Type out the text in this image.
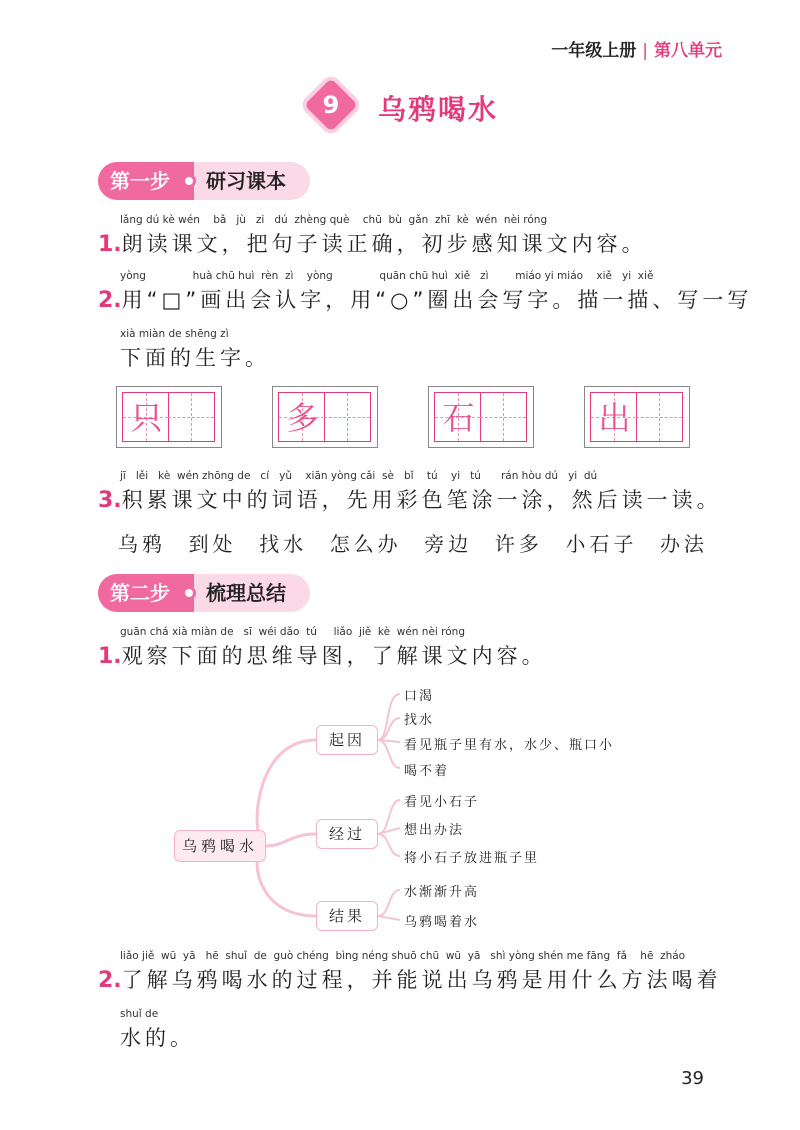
一年级上册 | 第八单元
9	乌鸦喝水
第一步	研习课本
lǎng dú kè wén    bǎ   jù   zi   dú  zhèng què    chū  bù  gǎn  zhī  kè  wén  nèi róng
1.朗读课文，把句子读正确，初步感知课文内容。
yòng              huà chū huì  rèn  zì    yòng              quān chū huì  xiě   zì        miáo yi miáo    xiě   yi  xiě
2.用“□”画出会认字，用“○”圈出会写字。描一描、写一写
xià miàn de shēng zì
下面的生字。
只	多	石	出
jī   lěi   kè  wén zhōng de   cí   yǔ    xiān yòng cǎi  sè   bǐ    tú    yi   tú      rán hòu dú   yi  dú
3.积累课文中的词语，先用彩色笔涂一涂，然后读一读。
乌鸦 到处 找水 怎么办 旁边 许多 小石子 办法
第二步	梳理总结
guān chá xià miàn de   sī  wéi dǎo  tú     liǎo  jiě  kè  wén nèi róng
1.观察下面的思维导图，了解课文内容。
乌鸦喝水
起因
经过
结果
口渴
找水
看见瓶子里有水，水少、瓶口小
喝不着
看见小石子
想出办法
将小石子放进瓶子里
水渐渐升高
乌鸦喝着水
liǎo jiě  wū  yā   hē  shuǐ  de  guò chéng  bìng néng shuō chū  wū  yā   shì yòng shén me fāng  fǎ    hē  zháo
2.了解乌鸦喝水的过程，并能说出乌鸦是用什么方法喝着
shuǐ de
水的。
39
